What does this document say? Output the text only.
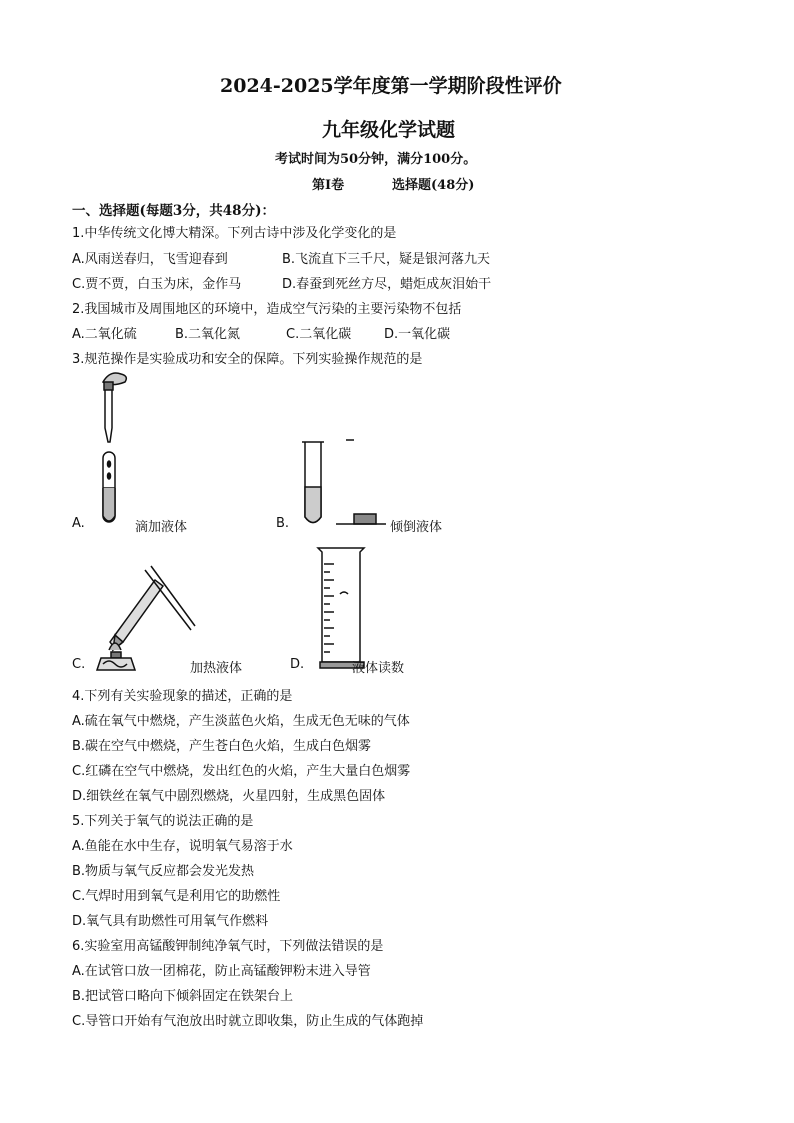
2024-2025学年度第一学期阶段性评价
九年级化学试题
考试时间为50分钟，满分100分。
第Ⅰ卷	选择题(48分)
一、选择题(每题3分，共48分)：
1.中华传统文化博大精深。下列古诗中涉及化学变化的是
A.风雨送春归，飞雪迎春到	B.飞流直下三千尺，疑是银河落九天
C.贾不贾，白玉为床，金作马	D.春蚕到死丝方尽，蜡炬成灰泪始干
2.我国城市及周围地区的环境中，造成空气污染的主要污染物不包括
A.二氧化硫	B.二氧化氮	C.二氧化碳	D.一氧化碳
3.规范操作是实验成功和安全的保障。下列实验操作规范的是
A.	滴加液体	B.	倾倒液体
C.	加热液体	D.	液体读数
4.下列有关实验现象的描述，正确的是
A.硫在氧气中燃烧，产生淡蓝色火焰，生成无色无味的气体
B.碳在空气中燃烧，产生苍白色火焰，生成白色烟雾
C.红磷在空气中燃烧，发出红色的火焰，产生大量白色烟雾
D.细铁丝在氧气中剧烈燃烧，火星四射，生成黑色固体
5.下列关于氧气的说法正确的是
A.鱼能在水中生存，说明氧气易溶于水
B.物质与氧气反应都会发光发热
C.气焊时用到氧气是利用它的助燃性
D.氧气具有助燃性可用氧气作燃料
6.实验室用高锰酸钾制纯净氧气时，下列做法错误的是
A.在试管口放一团棉花，防止高锰酸钾粉末进入导管
B.把试管口略向下倾斜固定在铁架台上
C.导管口开始有气泡放出时就立即收集，防止生成的气体跑掉
